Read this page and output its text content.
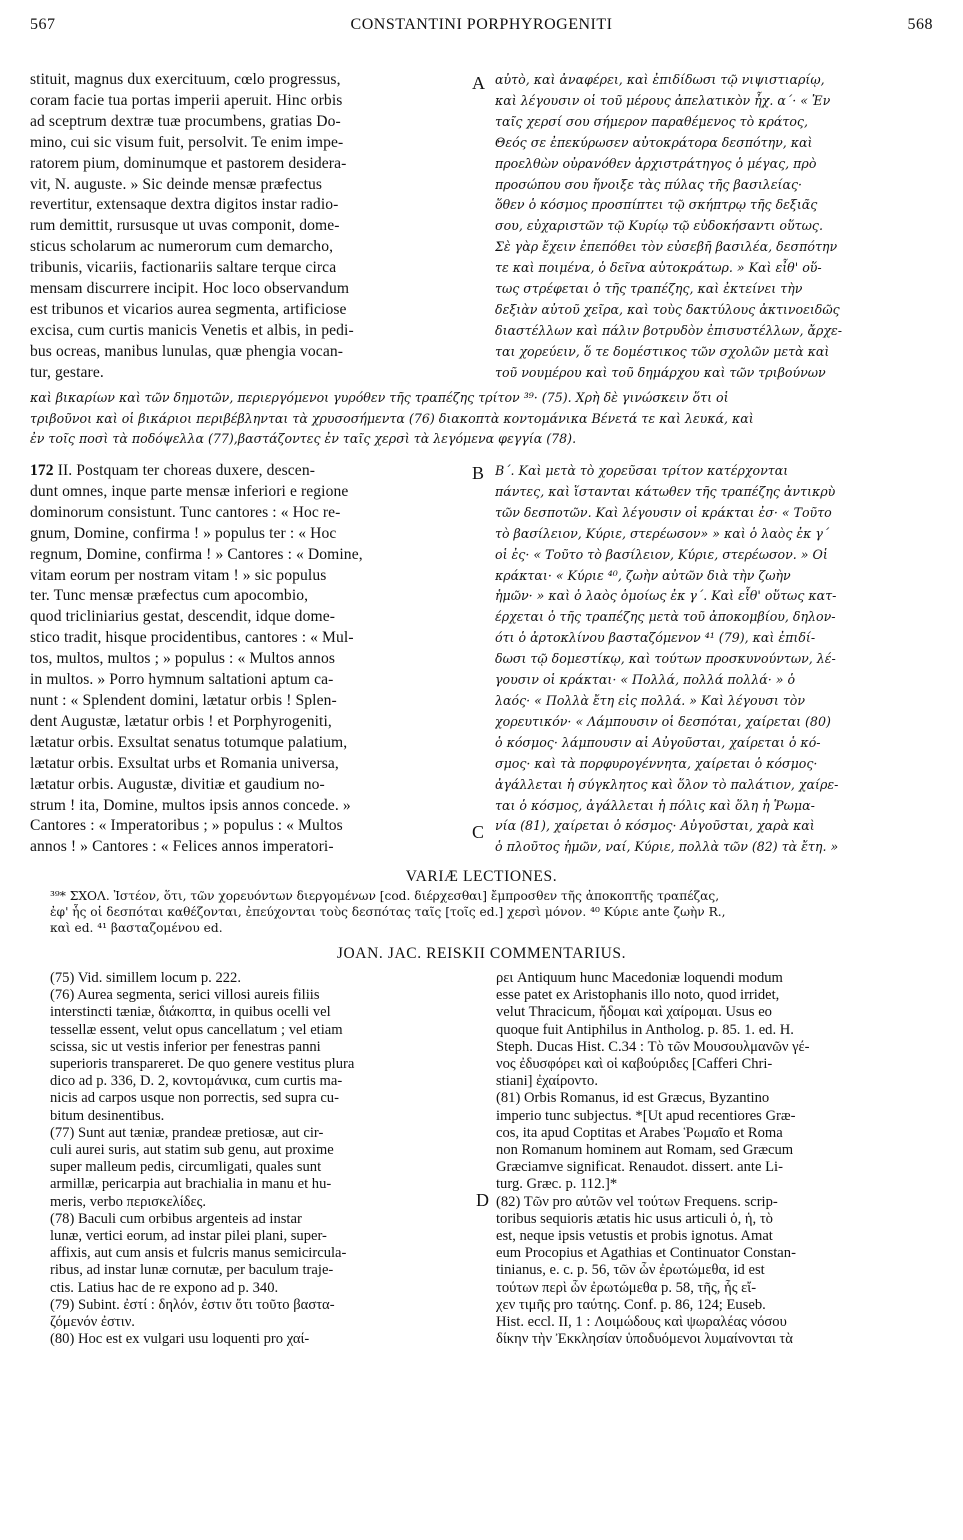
567	CONSTANTINI PORPHYROGENITI	568
stituit, magnus dux exercituum, cœlo progressus,
coram facie tua portas imperii aperuit. Hinc orbis
ad sceptrum dextræ tuæ procumbens, gratias Do-
mino, cui sic visum fuit, persolvit. Te enim impe-
ratorem pium, dominumque et pastorem desidera-
vit, N. auguste. » Sic deinde mensæ præfectus
revertitur, extensaque dextra digitos instar radio-
rum demittit, rursusque ut uvas componit, dome-
sticus scholarum ac numerorum cum demarcho,
tribunis, vicariis, factionariis saltare terque circa
mensam discurrere incipit. Hoc loco observandum
est tribunos et vicarios aurea segmenta, artificiose
excisa, cum curtis manicis Venetis et albis, in pedi-
bus ocreas, manibus lunulas, quæ phengia vocan-
tur, gestare.
A αὐτὸ, καὶ ἀναφέρει, καὶ ἐπιδίδωσι τῷ νιψιστιαρίῳ,
καὶ λέγουσιν οἱ τοῦ μέρους ἀπελατικὸν ἦχ. α΄· « Ἐν
ταῖς χερσί σου σήμερον παραθέμενος τὸ κράτος,
Θεός σε ἐπεκύρωσεν αὐτοκράτορα δεσπότην, καὶ
προελθὼν οὐρανόθεν ἀρχιστράτηγος ὁ μέγας, πρὸ
προσώπου σου ἤνοιξε τὰς πύλας τῆς βασιλείας·
ὅθεν ὁ κόσμος προσπίπτει τῷ σκήπτρῳ τῆς δεξιᾶς
σου, εὐχαριστῶν τῷ Κυρίῳ τῷ εὐδοκήσαντι οὕτως.
Σὲ γὰρ ἔχειν ἐπεπόθει τὸν εὐσεβῆ βασιλέα, δεσπότην
τε καὶ ποιμένα, ὁ δεῖνα αὐτοκράτωρ. » Καὶ εἶθ' οὕ-
τως στρέφεται ὁ τῆς τραπέζης, καὶ ἐκτείνει τὴν
δεξιὰν αὐτοῦ χεῖρα, καὶ τοὺς δακτύλους ἀκτινοειδῶς
διαστέλλων καὶ πάλιν βοτρυδὸν ἐπισυστέλλων, ἄρχε-
ται χορεύειν, ὅ τε δομέστικος τῶν σχολῶν μετὰ καὶ
τοῦ νουμέρου καὶ τοῦ δημάρχου καὶ τῶν τριβούνων
καὶ βικαρίων καὶ τῶν δημοτῶν, περιεργόμενοι γυρόθεν τῆς τραπέζης τρίτον ³⁹· (75). Χρὴ δὲ γινώσκειν ὅτι οἱ
τριβοῦνοι καὶ οἱ βικάριοι περιβέβληνται τὰ χρυσοσήμεντα (76) διακοπτὰ κοντομάνικα Βένετά τε καὶ λευκά, καὶ
ἐν τοῖς ποσὶ τὰ ποδόψελλα (77),βαστάζοντες ἐν ταῖς χερσὶ τὰ λεγόμενα φεγγία (78).
172 II. Postquam ter choreas duxere, descen-
dunt omnes, inque parte mensæ inferiori e regione
dominorum consistunt. Tunc cantores : « Hoc re-
gnum, Domine, confirma ! » populus ter : « Hoc
regnum, Domine, confirma ! » Cantores : « Domine,
vitam eorum per nostram vitam ! » sic populus
ter. Tunc mensæ præfectus cum apocombio,
quod tricliniarius gestat, descendit, idque dome-
stico tradit, hisque procidentibus, cantores : « Mul-
tos, multos, multos ; » populus : « Multos annos
in multos. » Porro hymnum saltationi aptum ca-
nunt : « Splendent domini, lætatur orbis ! Splen-
dent Augustæ, lætatur orbis ! et Porphyrogeniti,
lætatur orbis. Exsultat senatus totumque palatium,
lætatur orbis. Exsultat urbs et Romania universa,
lætatur orbis. Augustæ, divitiæ et gaudium no-
strum ! ita, Domine, multos ipsis annos concede. »
Cantores : « Imperatoribus ; » populus : « Multos
annos ! » Cantores : « Felices annos imperatori-
B
C
Β΄. Καὶ μετὰ τὸ χορεῦσαι τρίτον κατέρχονται
πάντες, καὶ ἵστανται κάτωθεν τῆς τραπέζης ἀντικρὺ
τῶν δεσποτῶν. Καὶ λέγουσιν οἱ κράκται ἐσ· « Τοῦτο
τὸ βασίλειον, Κύριε, στερέωσον» » καὶ ὁ λαὸς ἐκ γ΄
οἱ ἐς· « Τοῦτο τὸ βασίλειον, Κύριε, στερέωσον. » Οἱ
κράκται· « Κύριε ⁴⁰, ζωὴν αὐτῶν διὰ τὴν ζωὴν
ἡμῶν· » καὶ ὁ λαὸς ὁμοίως ἐκ γ΄. Καὶ εἶθ' οὕτως κατ-
έρχεται ὁ τῆς τραπέζης μετὰ τοῦ ἀποκομβίου, δηλον-
ότι ὁ ἀρτοκλίνου βασταζόμενον ⁴¹ (79), καὶ ἐπιδί-
δωσι τῷ δομεστίκῳ, καὶ τούτων προσκυνούντων, λέ-
γουσιν οἱ κράκται· « Πολλά, πολλά πολλά· » ὁ
λαός· « Πολλὰ ἔτη εἰς πολλά. » Καὶ λέγουσι τὸν
χορευτικόν· « Λάμπουσιν οἱ δεσπόται, χαίρεται (80)
ὁ κόσμος· λάμπουσιν αἱ Αὐγοῦσται, χαίρεται ὁ κό-
σμος· καὶ τὰ πορφυρογέννητα, χαίρεται ὁ κόσμος·
ἀγάλλεται ἡ σύγκλητος καὶ ὅλον τὸ παλάτιον, χαίρε-
ται ὁ κόσμος, ἀγάλλεται ἡ πόλις καὶ ὅλη ἡ Ῥωμα-
νία (81), χαίρεται ὁ κόσμος· Αὐγοῦσται, χαρὰ καὶ
ὁ πλοῦτος ἡμῶν, ναί, Κύριε, πολλὰ τῶν (82) τὰ ἔτη. »
VARIÆ LECTIONES.
³⁹* ΣΧΟΛ. Ἰστέον, ὅτι, τῶν χορευόντων διεργομένων [cod. διέρχεσθαι] ἔμπροσθεν τῆς ἀποκοπτῆς τραπέζας,
ἐφ' ἧς οἱ δεσπόται καθέζονται, ἐπεύχονται τοὺς δεσπότας ταῖς [τοῖς ed.] χερσὶ μόνον. ⁴⁰ Κύριε ante ζωὴν R.,
καὶ ed. ⁴¹ βασταζομένου ed.
JOAN. JAC. REISKII COMMENTARIUS.
(75) Vid. simillem locum p. 222.
(76) Aurea segmenta, serici villosi aureis filiis
interstincti tæniæ, διάκοπτα, in quibus ocelli vel
tessellæ essent, velut opus cancellatum ; vel etiam
scissa, sic ut vestis inferior per fenestras panni
superioris transpareret. De quo genere vestitus plura
dico ad p. 336, D. 2, κοντομάνικα, cum curtis ma-
nicis ad carpos usque non porrectis, sed supra cu-
bitum desinentibus.
(77) Sunt aut tæniæ, prandeæ pretiosæ, aut cir-
culi aurei suris, aut statim sub genu, aut proxime
super malleum pedis, circumligati, quales sunt
armillæ, pericarpia aut brachialia in manu et hu-
meris, verbo περισκελίδες.
(78) Baculi cum orbibus argenteis ad instar
lunæ, vertici eorum, ad instar pilei plani, super-
affixis, aut cum ansis et fulcris manus semicircula-
ribus, ad instar lunæ cornutæ, per baculum traje-
ctis. Latius hac de re expono ad p. 340.
(79) Subint. ἐστί : δηλόν, ἐστιν ὅτι τοῦτο βαστα-
ζόμενόν ἐστιν.
(80) Hoc est ex vulgari usu loquenti pro χαί-
D
ρει Antiquum hunc Macedoniæ loquendi modum
esse patet ex Aristophanis illo noto, quod irridet,
velut Thracicum, ἤδομαι καὶ χαίρομαι. Usus eo
quoque fuit Antiphilus in Antholog. p. 85. 1. ed. H.
Steph. Ducas Hist. C.34 : Τὸ τῶν Μουσουλμανῶν γέ-
νος ἐδυσφόρει καὶ οἱ καβούριδες [Cafferi Chri-
stiani] ἐχαίροντο.
(81) Orbis Romanus, id est Græcus, Byzantino
imperio tunc subjectus. *[Ut apud recentiores Græ-
cos, ita apud Coptitas et Arabes Ῥωμαῖο et Roma
non Romanum hominem aut Romam, sed Græcum
Græciamve significat. Renaudot. dissert. ante Li-
turg. Græc. p. 112.]*
(82) Τῶν pro αὐτῶν vel τούτων Frequens. scrip-
toribus sequioris ætatis hic usus articuli ὁ, ἡ, τὸ
est, neque ipsis vetustis et probis ignotus. Amat
eum Procopius et Agathias et Continuator Constan-
tinianus, e. c. p. 56, τῶν ὧν ἐρωτώμεθα, id est
τούτων περὶ ὧν ἐρωτώμεθα p. 58, τῆς, ἧς εἴ-
χεν τιμῆς pro ταύτης. Conf. p. 86, 124; Euseb.
Hist. eccl. II, 1 : Λοιμώδους καὶ ψωραλέας νόσου
δίκην τὴν Ἐκκλησίαν ὑποδυόμενοι λυμαίνονται τὰ
